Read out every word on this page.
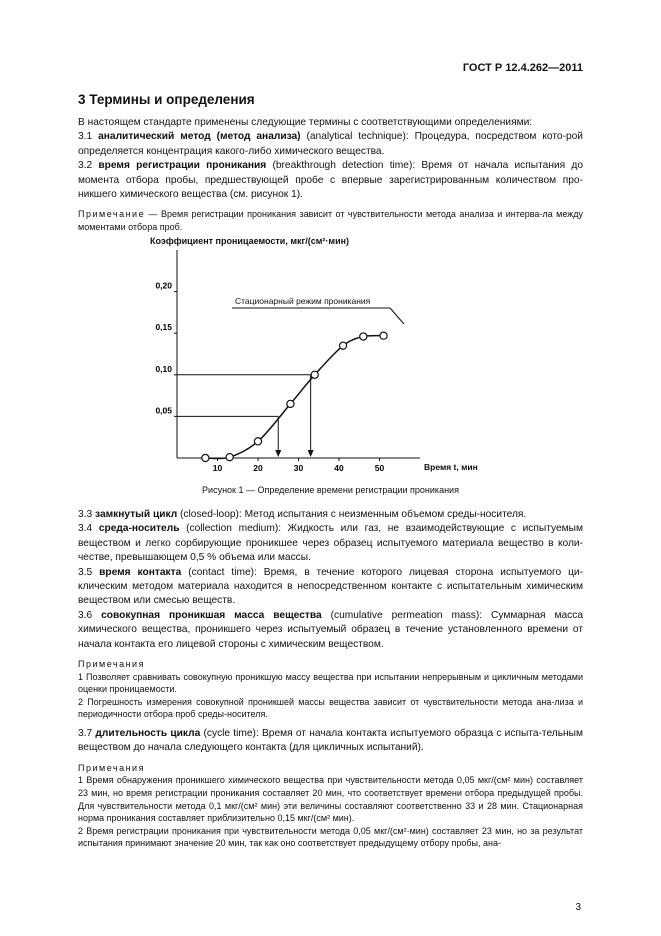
ГОСТ Р 12.4.262—2011
3 Термины и определения

В настоящем стандарте применены следующие термины с соответствующими определениями:

3.1 аналитический метод (метод анализа) (analytical technique): Процедура, посредством кото-рой определяется концентрация какого-либо химического вещества.

3.2 время регистрации проникания (breakthrough detection time): Время от начала испытания до момента отбора пробы, предшествующей пробе с впервые зарегистрированным количеством про-никшего химического вещества (см. рисунок 1).

Примечание — Время регистрации проникания зависит от чувствительности метода анализа и интерва-ла между моментами отбора проб.

Коэффициент проницаемости, мкг/(см²·мин)
0,05
0,10
0,15
0,20
10	20	30	40	50
Стационарный режим проникания
Время t, мин
Рисунок 1 — Определение времени регистрации проникания

3.3 замкнутый цикл (closed-loop): Метод испытания с неизменным объемом среды-носителя.

3.4 среда-носитель (collection medium): Жидкость или газ, не взаимодействующие с испытуемым веществом и легко сорбирующие проникшее через образец испытуемого материала вещество в коли-честве, превышающем 0,5 % объема или массы.

3.5 время контакта (contact time): Время, в течение которого лицевая сторона испытуемого ци-клическим методом материала находится в непосредственном контакте с испытательным химическим веществом или смесью веществ.

3.6 совокупная проникшая масса вещества (cumulative permeation mass): Суммарная масса химического вещества, проникшего через испытуемый образец в течение установленного времени от начала контакта его лицевой стороны с химическим веществом.

Примечания
1 Позволяет сравнивать совокупную проникшую массу вещества при испытании непрерывным и цикличным методами оценки проницаемости.
2 Погрешность измерения совокупной проникшей массы вещества зависит от чувствительности метода ана-лиза и периодичности отбора проб среды-носителя.

3.7 длительность цикла (cycle time): Время от начала контакта испытуемого образца с испыта-тельным веществом до начала следующего контакта (для цикличных испытаний).

Примечания
1 Время обнаружения проникшего химического вещества при чувствительности метода 0,05 мкг/(см² мин) составляет 23 мин, но время регистрации проникания составляет 20 мин, что соответствует времени отбора предыдущей пробы. Для чувствительности метода 0,1 мкг/(см² мин) эти величины составляют соответственно 33 и 28 мин. Стационарная норма проникания составляет приблизительно 0,15 мкг/(см² мин).
2 Время регистрации проникания при чувствительности метода 0,05 мкг/(см²·мин) составляет 23 мин, но за результат испытания принимают значение 20 мин, так как оно соответствует предыдущему отбору пробы, ана-
3
